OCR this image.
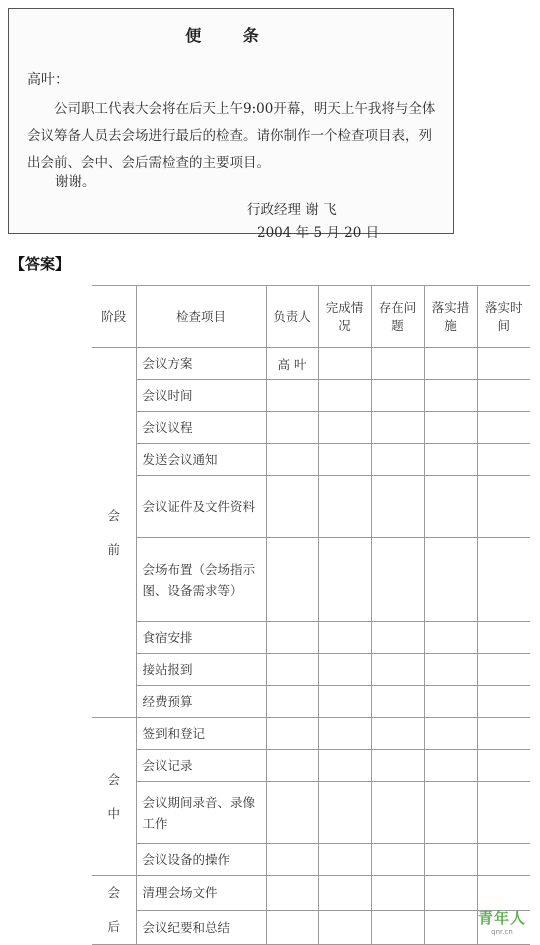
便 条
高叶：
公司职工代表大会将在后天上午9:00开幕，明天上午我将与全体会议筹备人员去会场进行最后的检查。请你制作一个检查项目表，列出会前、会中、会后需检查的主要项目。
谢谢。
行政经理 谢 飞
2004 年 5 月 20 日
【答案】
阶段	检查项目	负责人	完成情况	存在问题	落实措施	落实时间

会
前	会议方案	高 叶				
	会议时间					
	会议议程					
	发送会议通知					
	会议证件及文件资料					
	会场布置（会场指示图、设备需求等）					
	食宿安排					
	接站报到					
	经费预算					

会
中	签到和登记					
	会议记录					
	会议期间录音、录像工作					
	会议设备的操作					

会
后	清理会场文件					
	会议纪要和总结					
青年人
qnr.cn
